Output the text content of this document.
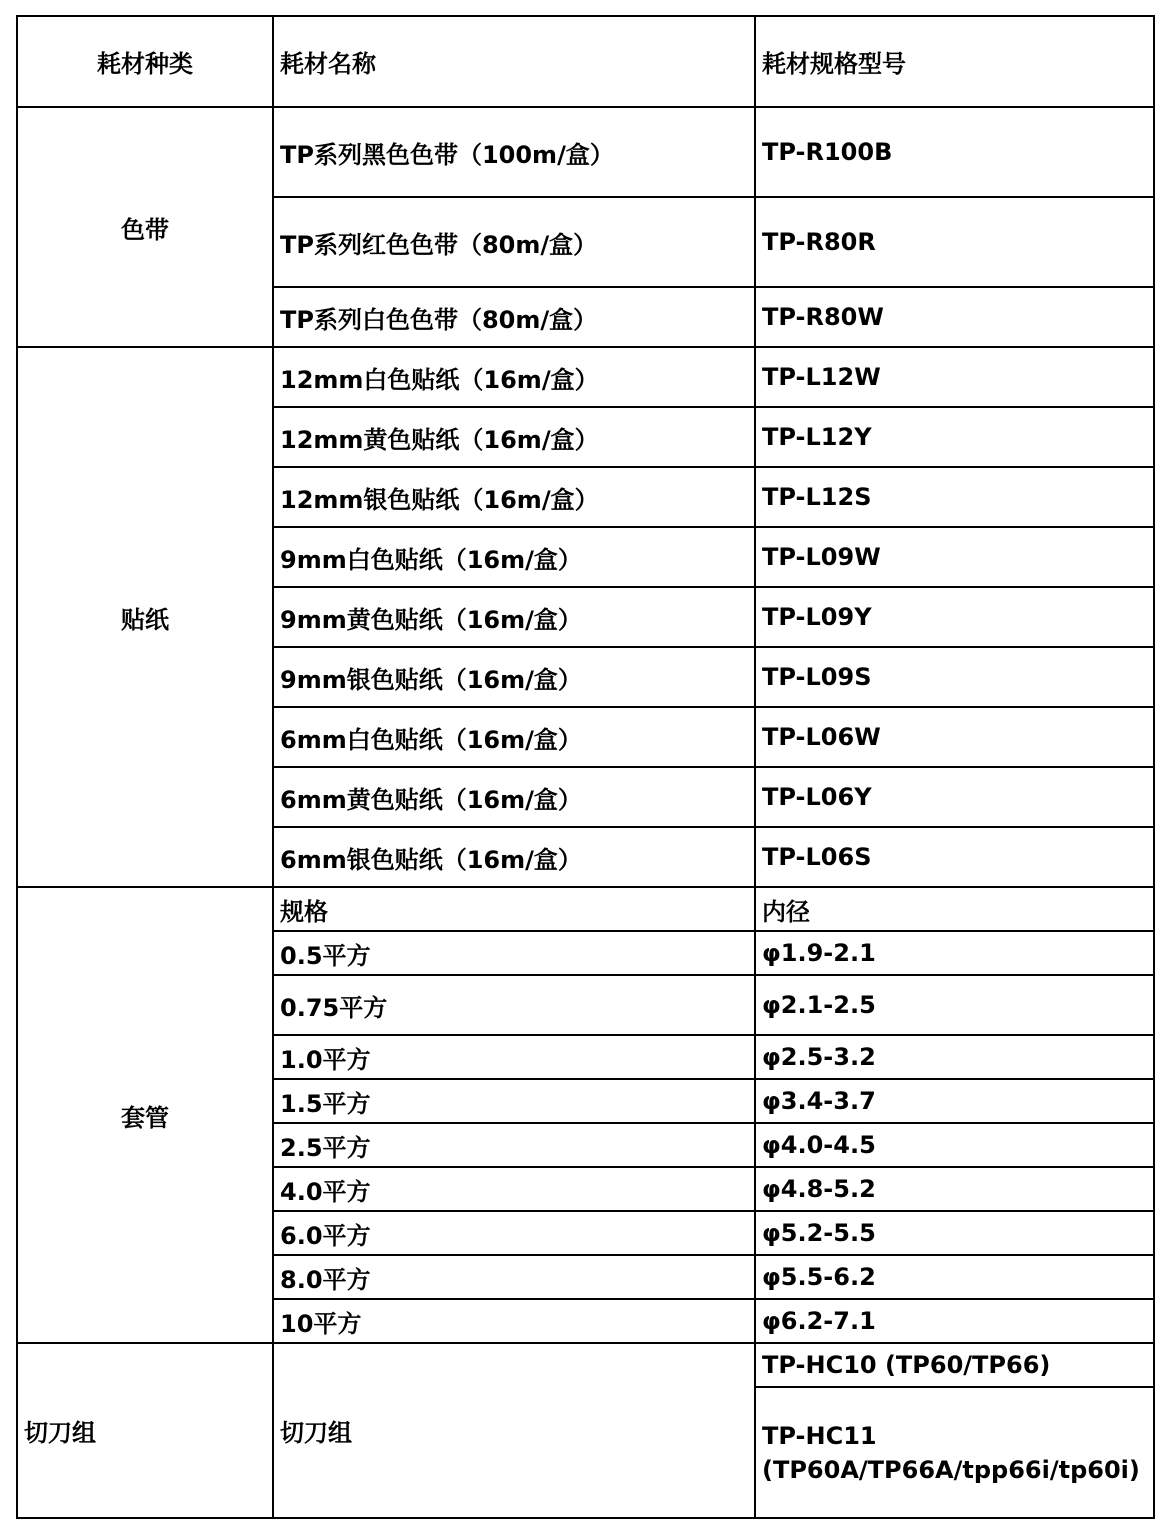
耗材种类	耗材名称	耗材规格型号
色带	TP系列黑色色带（100m/盒）	TP-R100B
	TP系列红色色带（80m/盒）	TP-R80R
	TP系列白色色带（80m/盒）	TP-R80W
贴纸	12mm白色贴纸（16m/盒）	TP-L12W
	12mm黄色贴纸（16m/盒）	TP-L12Y
	12mm银色贴纸（16m/盒）	TP-L12S
	9mm白色贴纸（16m/盒）	TP-L09W
	9mm黄色贴纸（16m/盒）	TP-L09Y
	9mm银色贴纸（16m/盒）	TP-L09S
	6mm白色贴纸（16m/盒）	TP-L06W
	6mm黄色贴纸（16m/盒）	TP-L06Y
	6mm银色贴纸（16m/盒）	TP-L06S
套管	规格	内径
	0.5平方	φ1.9-2.1
	0.75平方	φ2.1-2.5
	1.0平方	φ2.5-3.2
	1.5平方	φ3.4-3.7
	2.5平方	φ4.0-4.5
	4.0平方	φ4.8-5.2
	6.0平方	φ5.2-5.5
	8.0平方	φ5.5-6.2
	10平方	φ6.2-7.1
切刀组	切刀组	TP-HC10 (TP60/TP66)
		TP-HC11 (TP60A/TP66A/tpp66i/tp60i)
